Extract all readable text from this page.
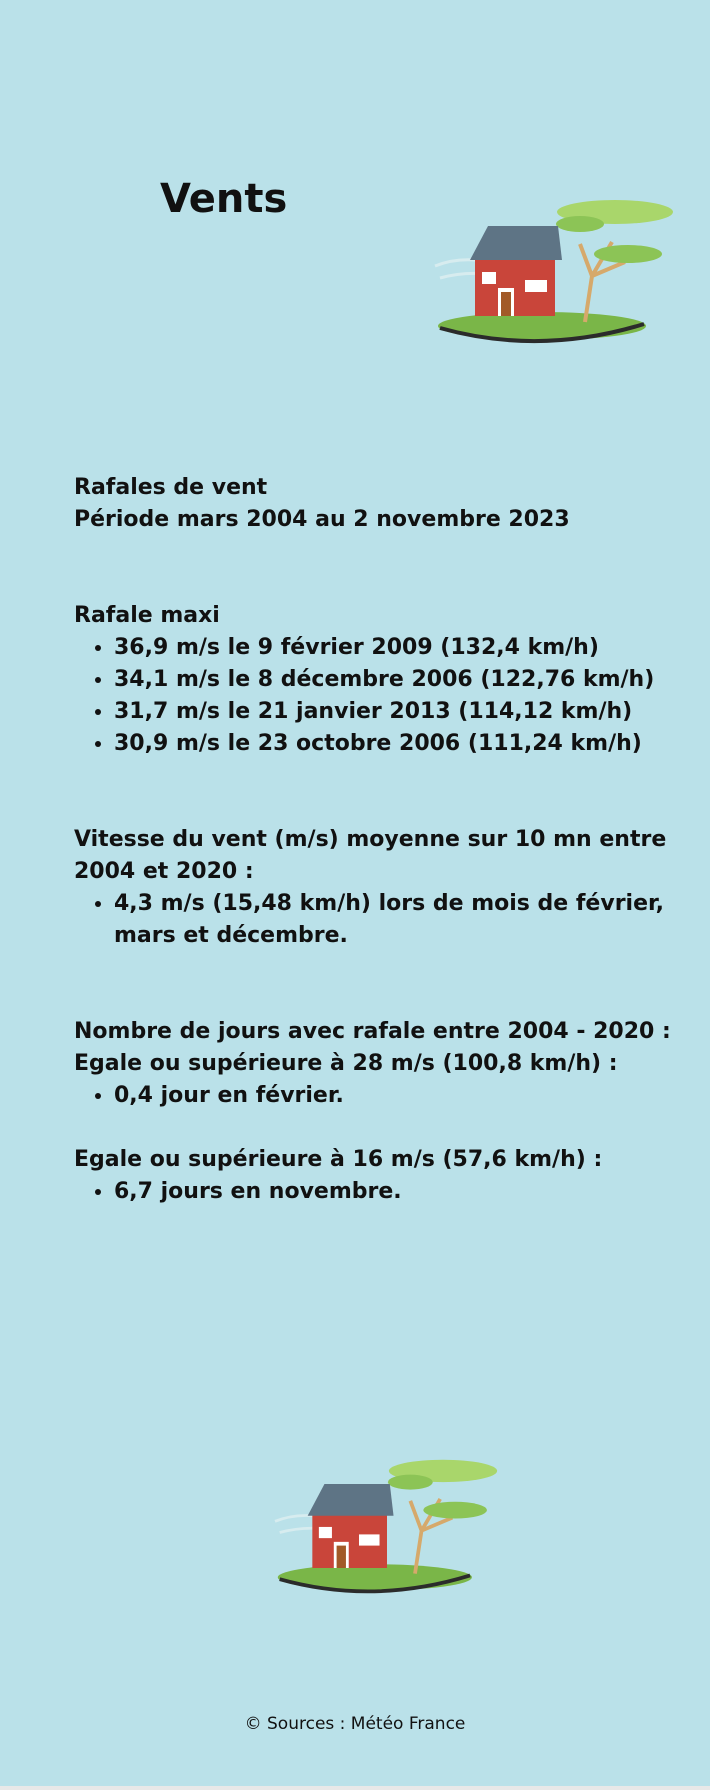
Vents

Rafales de vent

Période mars 2004 au 2 novembre 2023

Rafale maxi

• 36,9 m/s le 9 février 2009 (132,4 km/h)
• 34,1 m/s le 8 décembre 2006 (122,76 km/h)
• 31,7 m/s le 21 janvier 2013 (114,12 km/h)
• 30,9 m/s le 23 octobre 2006 (111,24 km/h)

Vitesse du vent (m/s) moyenne sur 10 mn entre 2004 et 2020 :

• 4,3 m/s (15,48 km/h) lors de mois de février, mars et décembre.

Nombre de jours avec rafale entre 2004 - 2020 :

Egale ou supérieure à 28 m/s (100,8 km/h) :

• 0,4 jour en février.

Egale ou supérieure à 16 m/s (57,6 km/h) :

• 6,7 jours en novembre.
© Sources : Météo France
